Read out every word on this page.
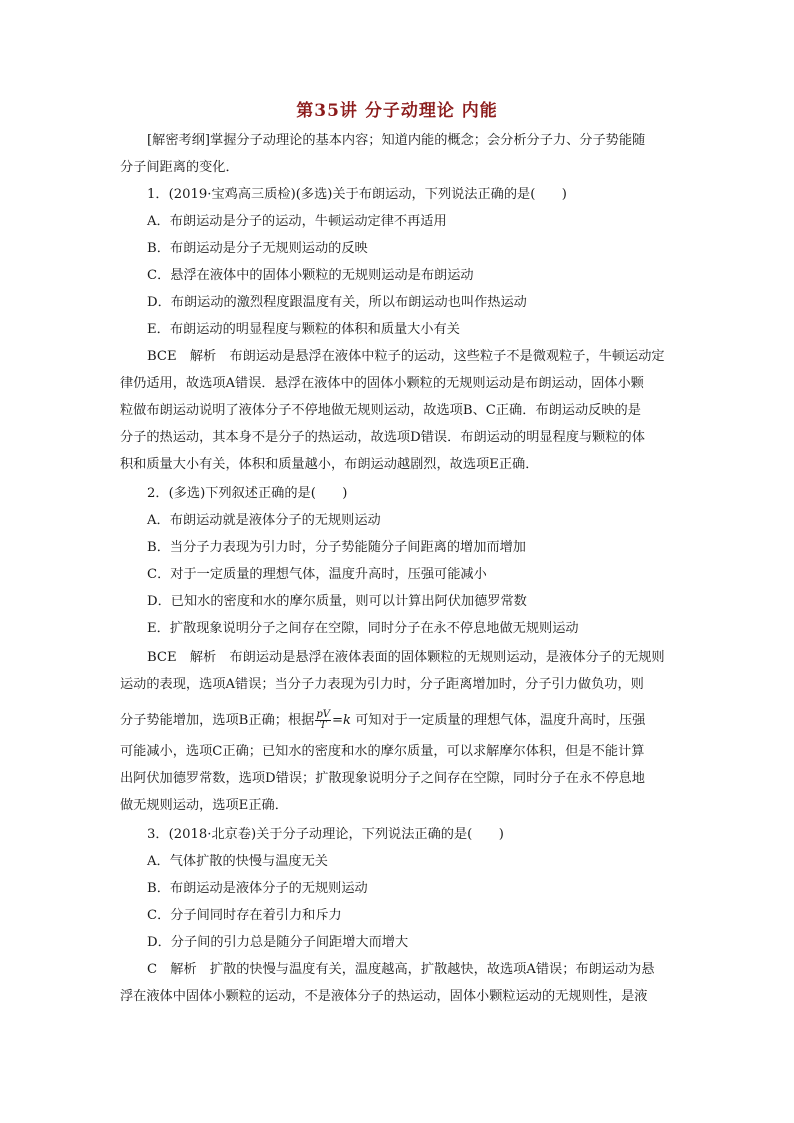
第35讲 分子动理论 内能
[解密考纲]掌握分子动理论的基本内容；知道内能的概念；会分析分子力、分子势能随
分子间距离的变化．
1．(2019·宝鸡高三质检)(多选)关于布朗运动，下列说法正确的是(　　)
A．布朗运动是分子的运动，牛顿运动定律不再适用
B．布朗运动是分子无规则运动的反映
C．悬浮在液体中的固体小颗粒的无规则运动是布朗运动
D．布朗运动的激烈程度跟温度有关，所以布朗运动也叫作热运动
E．布朗运动的明显程度与颗粒的体积和质量大小有关
BCE　解析　布朗运动是悬浮在液体中粒子的运动，这些粒子不是微观粒子，牛顿运动定
律仍适用，故选项A错误．悬浮在液体中的固体小颗粒的无规则运动是布朗运动，固体小颗
粒做布朗运动说明了液体分子不停地做无规则运动，故选项B、C正确．布朗运动反映的是
分子的热运动，其本身不是分子的热运动，故选项D错误．布朗运动的明显程度与颗粒的体
积和质量大小有关，体积和质量越小，布朗运动越剧烈，故选项E正确．
2．(多选)下列叙述正确的是(　　)
A．布朗运动就是液体分子的无规则运动
B．当分子力表现为引力时，分子势能随分子间距离的增加而增加
C．对于一定质量的理想气体，温度升高时，压强可能减小
D．已知水的密度和水的摩尔质量，则可以计算出阿伏加德罗常数
E．扩散现象说明分子之间存在空隙，同时分子在永不停息地做无规则运动
BCE　解析　布朗运动是悬浮在液体表面的固体颗粒的无规则运动，是液体分子的无规则
运动的表现，选项A错误；当分子力表现为引力时，分子距离增加时，分子引力做负功，则
分子势能增加，选项B正确；根据 $\frac{pV}{T} =k$ 可知对于一定质量的理想气体，温度升高时，压强
可能减小，选项C正确；已知水的密度和水的摩尔质量，可以求解摩尔体积，但是不能计算
出阿伏加德罗常数，选项D错误；扩散现象说明分子之间存在空隙，同时分子在永不停息地
做无规则运动，选项E正确．
3．(2018·北京卷)关于分子动理论，下列说法正确的是(　　)
A．气体扩散的快慢与温度无关
B．布朗运动是液体分子的无规则运动
C．分子间同时存在着引力和斥力
D．分子间的引力总是随分子间距增大而增大
C　解析　扩散的快慢与温度有关，温度越高，扩散越快，故选项A错误；布朗运动为悬
浮在液体中固体小颗粒的运动，不是液体分子的热运动，固体小颗粒运动的无规则性，是液
